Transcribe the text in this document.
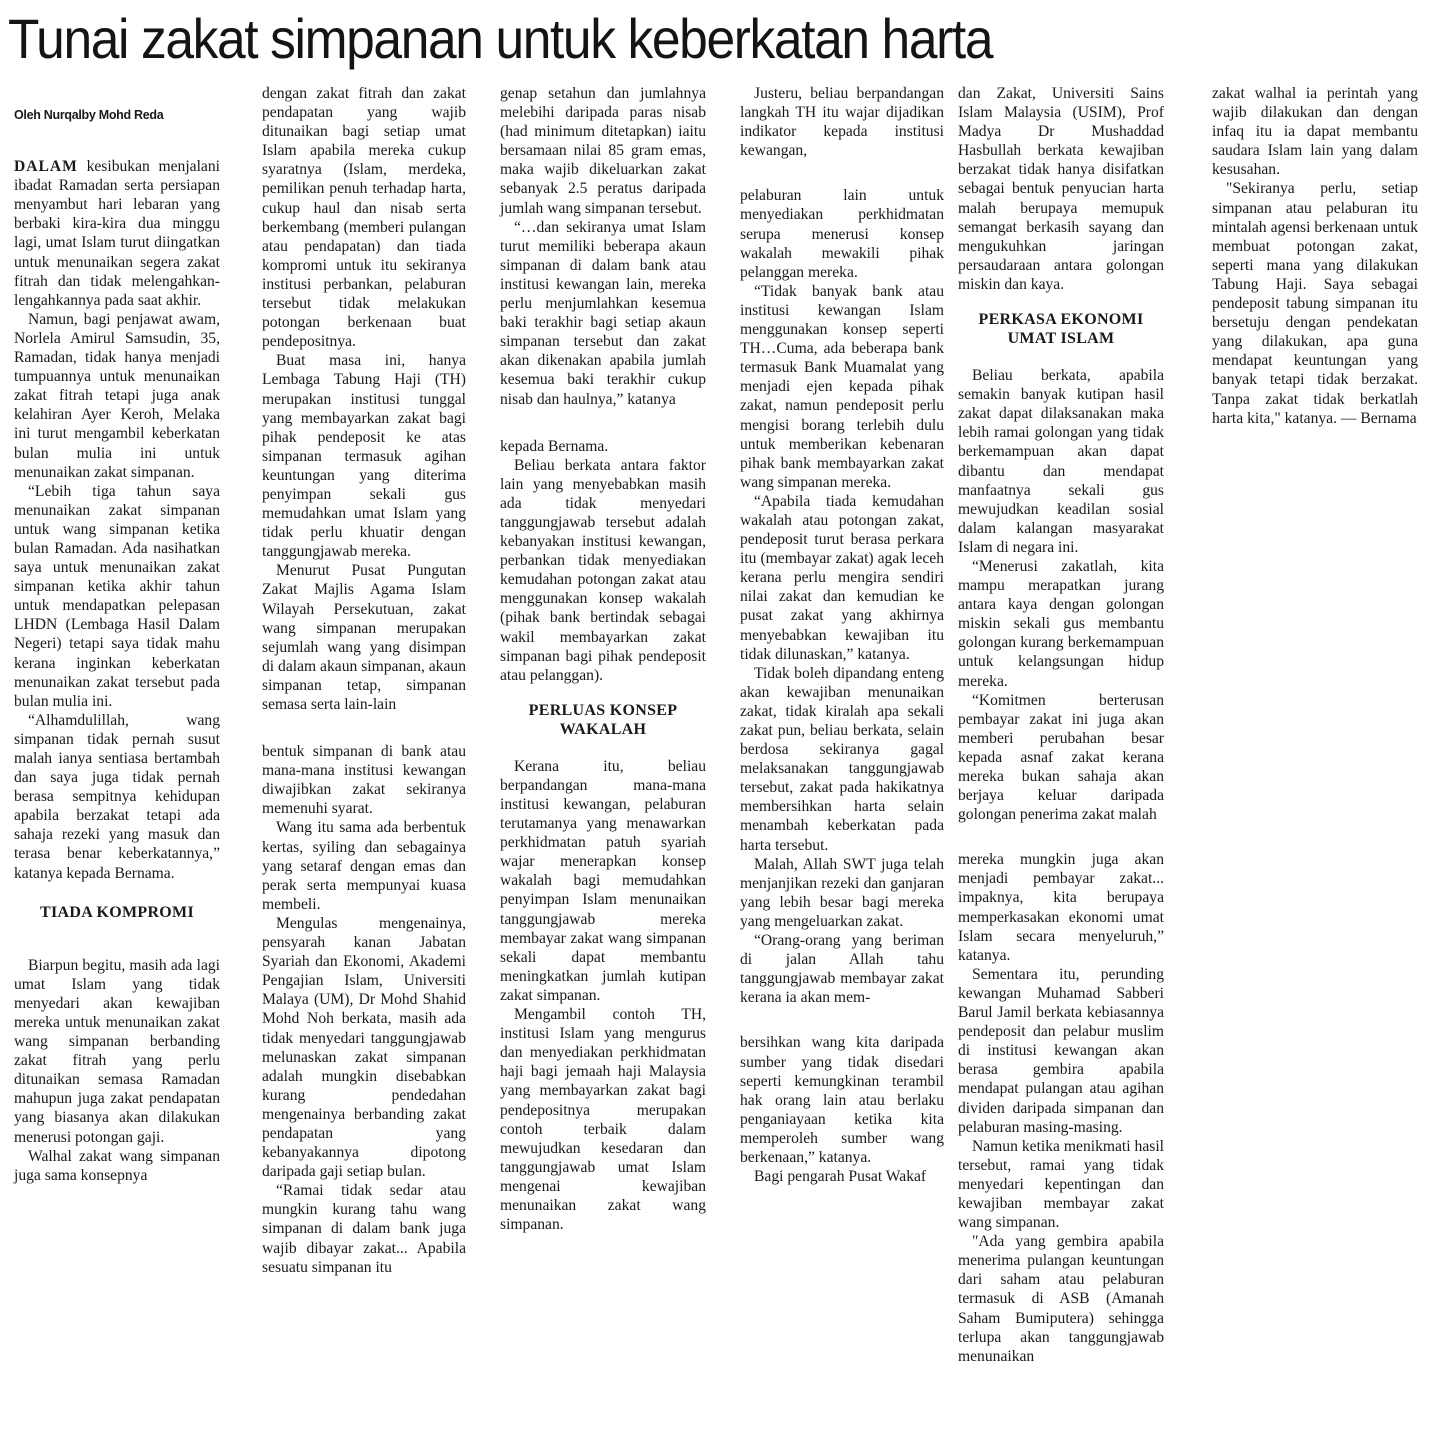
Tunai zakat simpanan untuk keberkatan harta
Oleh Nurqalby Mohd Reda

DALAM kesibukan menjalani ibadat Ramadan serta persiapan menyambut hari lebaran yang berbaki kira-kira dua minggu lagi, umat Islam turut diingatkan untuk menunaikan segera zakat fitrah dan tidak melengahkan-lengahkannya pada saat akhir.

Namun, bagi penjawat awam, Norlela Amirul Samsudin, 35, Ramadan, tidak hanya menjadi tumpuannya untuk menunaikan zakat fitrah tetapi juga anak kelahiran Ayer Keroh, Melaka ini turut mengambil keberkatan bulan mulia ini untuk menunaikan zakat simpanan.

“Lebih tiga tahun saya menunaikan zakat simpanan untuk wang simpanan ketika bulan Ramadan. Ada nasihatkan saya untuk menunaikan zakat simpanan ketika akhir tahun untuk mendapatkan pelepasan LHDN (Lembaga Hasil Dalam Negeri) tetapi saya tidak mahu kerana inginkan keberkatan menunaikan zakat tersebut pada bulan mulia ini.

“Alhamdulillah, wang simpanan tidak pernah susut malah ianya sentiasa bertambah dan saya juga tidak pernah berasa sempitnya kehidupan apabila berzakat tetapi ada sahaja rezeki yang masuk dan terasa benar keberkatannya,” katanya kepada Bernama.

TIADA KOMPROMI

Biarpun begitu, masih ada lagi umat Islam yang tidak menyedari akan kewajiban mereka untuk menunaikan zakat wang simpanan berbanding zakat fitrah yang perlu ditunaikan semasa Ramadan mahupun juga zakat pendapatan yang biasanya akan dilakukan menerusi potongan gaji.

Walhal zakat wang simpanan juga sama konsepnya

dengan zakat fitrah dan zakat pendapatan yang wajib ditunaikan bagi setiap umat Islam apabila mereka cukup syaratnya (Islam, merdeka, pemilikan penuh terhadap harta, cukup haul dan nisab serta berkembang (memberi pulangan atau pendapatan) dan tiada kompromi untuk itu sekiranya institusi perbankan, pelaburan tersebut tidak melakukan potongan berkenaan buat pendepositnya.

Buat masa ini, hanya Lembaga Tabung Haji (TH) merupakan institusi tunggal yang membayarkan zakat bagi pihak pendeposit ke atas simpanan termasuk agihan keuntungan yang diterima penyimpan sekali gus memudahkan umat Islam yang tidak perlu khuatir dengan tanggungjawab mereka.

Menurut Pusat Pungutan Zakat Majlis Agama Islam Wilayah Persekutuan, zakat wang simpanan merupakan sejumlah wang yang disimpan di dalam akaun simpanan, akaun simpanan tetap, simpanan semasa serta lain-lain

bentuk simpanan di bank atau mana-mana institusi kewangan diwajibkan zakat sekiranya memenuhi syarat.

Wang itu sama ada berbentuk kertas, syiling dan sebagainya yang setaraf dengan emas dan perak serta mempunyai kuasa membeli.

Mengulas mengenainya, pensyarah kanan Jabatan Syariah dan Ekonomi, Akademi Pengajian Islam, Universiti Malaya (UM), Dr Mohd Shahid Mohd Noh berkata, masih ada tidak menyedari tanggungjawab melunaskan zakat simpanan adalah mungkin disebabkan kurang pendedahan mengenainya berbanding zakat pendapatan yang kebanyakannya dipotong daripada gaji setiap bulan.

“Ramai tidak sedar atau mungkin kurang tahu wang simpanan di dalam bank juga wajib dibayar zakat... Apabila sesuatu simpanan itu

genap setahun dan jumlahnya melebihi daripada paras nisab (had minimum ditetapkan) iaitu bersamaan nilai 85 gram emas, maka wajib dikeluarkan zakat sebanyak 2.5 peratus daripada jumlah wang simpanan tersebut.

“…dan sekiranya umat Islam turut memiliki beberapa akaun simpanan di dalam bank atau institusi kewangan lain, mereka perlu menjumlahkan kesemua baki terakhir bagi setiap akaun simpanan tersebut dan zakat akan dikenakan apabila jumlah kesemua baki terakhir cukup nisab dan haulnya,” katanya

kepada Bernama.

Beliau berkata antara faktor lain yang menyebabkan masih ada tidak menyedari tanggungjawab tersebut adalah kebanyakan institusi kewangan, perbankan tidak menyediakan kemudahan potongan zakat atau menggunakan konsep wakalah (pihak bank bertindak sebagai wakil membayarkan zakat simpanan bagi pihak pendeposit atau pelanggan).

PERLUAS KONSEP WAKALAH

Kerana itu, beliau berpandangan mana-mana institusi kewangan, pelaburan terutamanya yang menawarkan perkhidmatan patuh syariah wajar menerapkan konsep wakalah bagi memudahkan penyimpan Islam menunaikan tanggungjawab mereka membayar zakat wang simpanan sekali dapat membantu meningkatkan jumlah kutipan zakat simpanan.

Mengambil contoh TH, institusi Islam yang mengurus dan menyediakan perkhidmatan haji bagi jemaah haji Malaysia yang membayarkan zakat bagi pendepositnya merupakan contoh terbaik dalam mewujudkan kesedaran dan tanggungjawab umat Islam mengenai kewajiban menunaikan zakat wang simpanan.

Justeru, beliau berpandangan langkah TH itu wajar dijadikan indikator kepada institusi kewangan,

pelaburan lain untuk menyediakan perkhidmatan serupa menerusi konsep wakalah mewakili pihak pelanggan mereka.

“Tidak banyak bank atau institusi kewangan Islam menggunakan konsep seperti TH…Cuma, ada beberapa bank termasuk Bank Muamalat yang menjadi ejen kepada pihak zakat, namun pendeposit perlu mengisi borang terlebih dulu untuk memberikan kebenaran pihak bank membayarkan zakat wang simpanan mereka.

“Apabila tiada kemudahan wakalah atau potongan zakat, pendeposit turut berasa perkara itu (membayar zakat) agak leceh kerana perlu mengira sendiri nilai zakat dan kemudian ke pusat zakat yang akhirnya menyebabkan kewajiban itu tidak dilunaskan,” katanya.

Tidak boleh dipandang enteng akan kewajiban menunaikan zakat, tidak kiralah apa sekali zakat pun, beliau berkata, selain berdosa sekiranya gagal melaksanakan tanggungjawab tersebut, zakat pada hakikatnya membersihkan harta selain menambah keberkatan pada harta tersebut.

Malah, Allah SWT juga telah menjanjikan rezeki dan ganjaran yang lebih besar bagi mereka yang mengeluarkan zakat.

“Orang-orang yang beriman di jalan Allah tahu tanggungjawab membayar zakat kerana ia akan mem-

bersihkan wang kita daripada sumber yang tidak disedari seperti kemungkinan terambil hak orang lain atau berlaku penganiayaan ketika kita memperoleh sumber wang berkenaan,” katanya.

Bagi pengarah Pusat Wakaf

dan Zakat, Universiti Sains Islam Malaysia (USIM), Prof Madya Dr Mushaddad Hasbullah berkata kewajiban berzakat tidak hanya disifatkan sebagai bentuk penyucian harta malah berupaya memupuk semangat berkasih sayang dan mengukuhkan jaringan persaudaraan antara golongan miskin dan kaya.

PERKASA EKONOMI UMAT ISLAM

Beliau berkata, apabila semakin banyak kutipan hasil zakat dapat dilaksanakan maka lebih ramai golongan yang tidak berkemampuan akan dapat dibantu dan mendapat manfaatnya sekali gus mewujudkan keadilan sosial dalam kalangan masyarakat Islam di negara ini.

“Menerusi zakatlah, kita mampu merapatkan jurang antara kaya dengan golongan miskin sekali gus membantu golongan kurang berkemampuan untuk kelangsungan hidup mereka.

“Komitmen berterusan pembayar zakat ini juga akan memberi perubahan besar kepada asnaf zakat kerana mereka bukan sahaja akan berjaya keluar daripada golongan penerima zakat malah

mereka mungkin juga akan menjadi pembayar zakat... impaknya, kita berupaya memperkasakan ekonomi umat Islam secara menyeluruh,” katanya.

Sementara itu, perunding kewangan Muhamad Sabberi Barul Jamil berkata kebiasannya pendeposit dan pelabur muslim di institusi kewangan akan berasa gembira apabila mendapat pulangan atau agihan dividen daripada simpanan dan pelaburan masing-masing.

Namun ketika menikmati hasil tersebut, ramai yang tidak menyedari kepentingan dan kewajiban membayar zakat wang simpanan.

"Ada yang gembira apabila menerima pulangan keuntungan dari saham atau pelaburan termasuk di ASB (Amanah Saham Bumiputera) sehingga terlupa akan tanggungjawab menunaikan

zakat walhal ia perintah yang wajib dilakukan dan dengan infaq itu ia dapat membantu saudara Islam lain yang dalam kesusahan.

"Sekiranya perlu, setiap simpanan atau pelaburan itu mintalah agensi berkenaan untuk membuat potongan zakat, seperti mana yang dilakukan Tabung Haji. Saya sebagai pendeposit tabung simpanan itu bersetuju dengan pendekatan yang dilakukan, apa guna mendapat keuntungan yang banyak tetapi tidak berzakat. Tanpa zakat tidak berkatlah harta kita," katanya. — Bernama
